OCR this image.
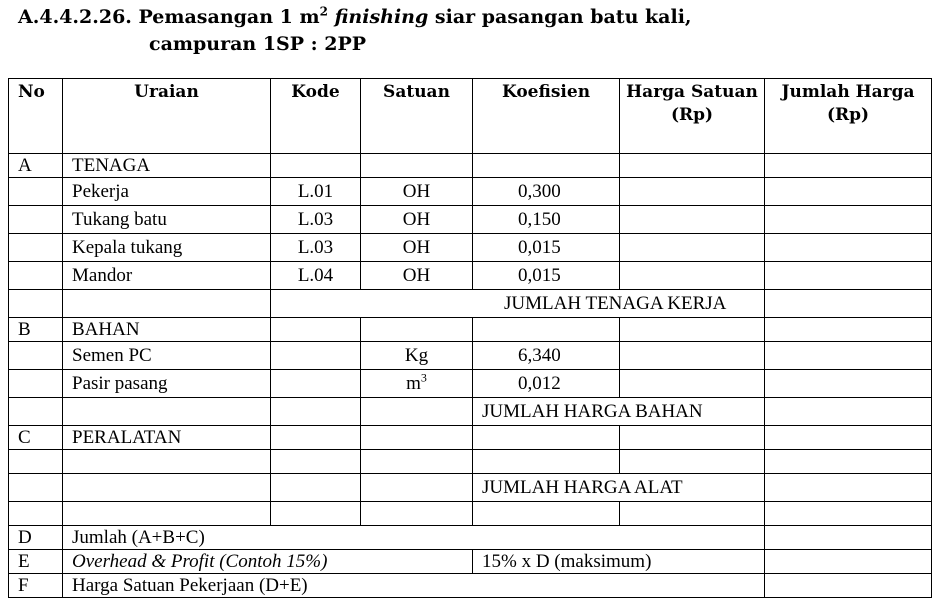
A.4.4.2.26. Pemasangan 1 $m^2$ finishing siar pasangan batu kali,
campuran 1SP : 2PP
No	Uraian	Kode	Satuan	Koefisien	Harga Satuan (Rp)	Jumlah Harga (Rp)
A	TENAGA					
	Pekerja	L.01	OH	0,300		
	Tukang batu	L.03	OH	0,150		
	Kepala tukang	L.03	OH	0,015		
	Mandor	L.04	OH	0,015		
		JUMLAH TENAGA KERJA				
B	BAHAN					
	Semen PC		Kg	6,340		
	Pasir pasang		$m^3$	0,012		
				JUMLAH HARGA BAHAN		
C	PERALATAN					

				JUMLAH HARGA ALAT		

D	Jumlah (A+B+C)					
E	Overhead & Profit (Contoh 15%)			15% x D (maksimum)		
F	Harga Satuan Pekerjaan (D+E)					
